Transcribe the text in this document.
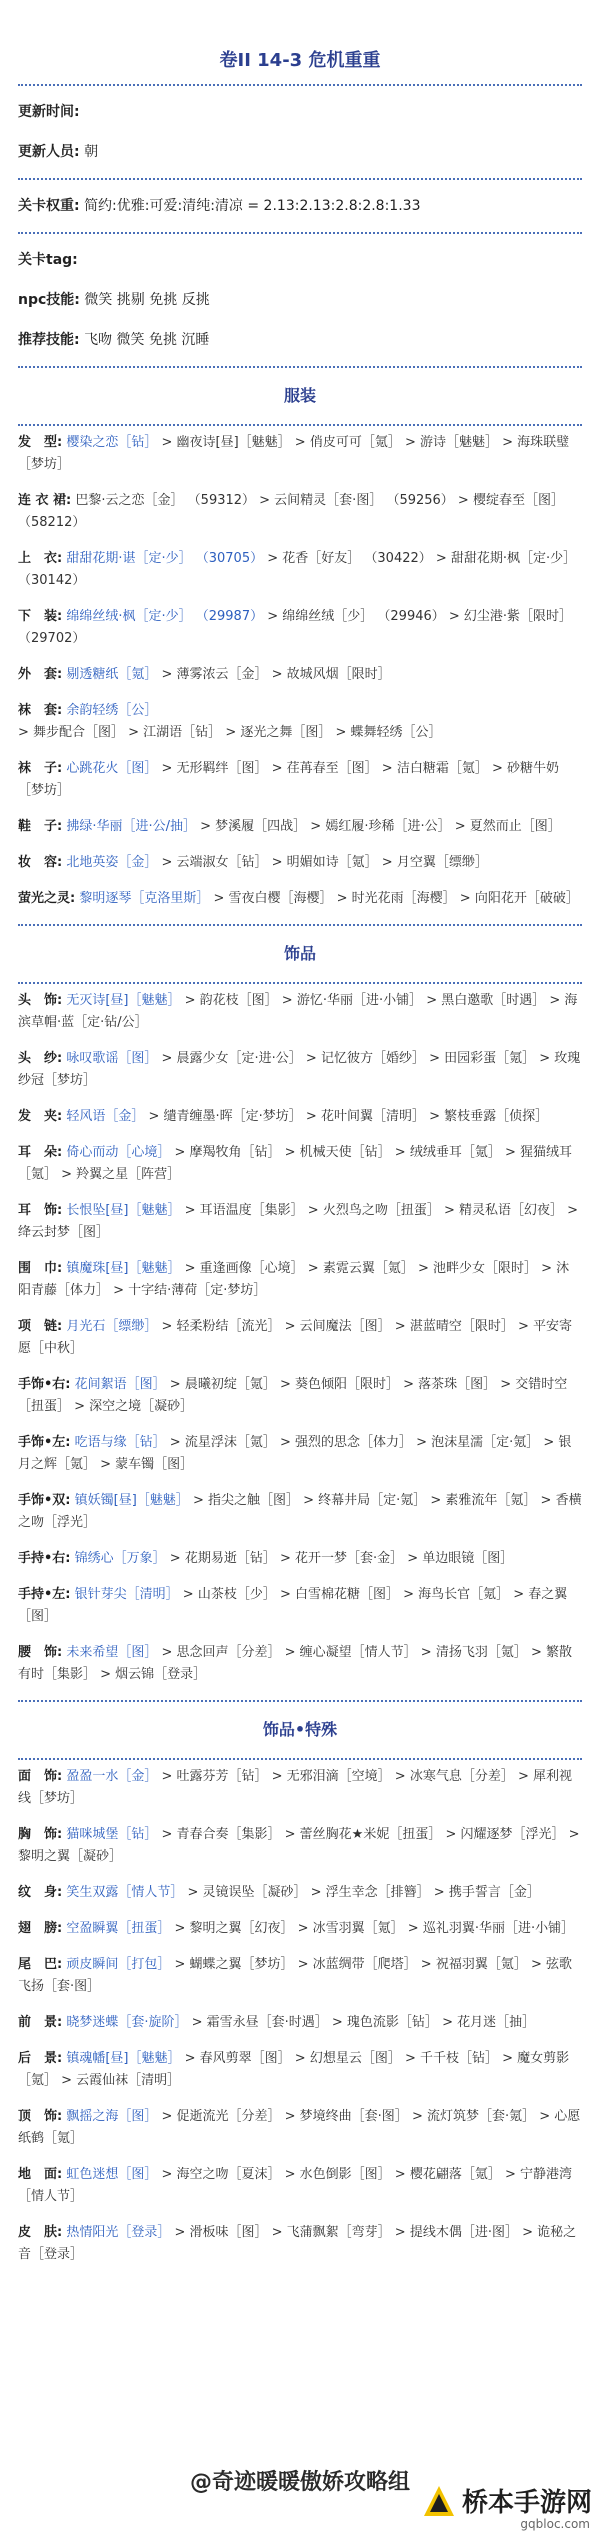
卷II 14-3 危机重重
更新时间:
更新人员: 朝
关卡权重: 简约:优雅:可爱:清纯:清凉 = 2.13:2.13:2.8:2.8:1.33
关卡tag:
npc技能: 微笑 挑剔 免挑 反挑
推荐技能: 飞吻 微笑 免挑 沉睡
服装
发　型: 樱染之恋［钻］ > 幽夜诗[昼]［魅魅］ > 俏皮可可［氪］ > 游诗［魅魅］ > 海珠联璧［梦坊］
连 衣 裙: 巴黎·云之恋［金］ （59312） > 云间精灵［套·图］ （59256） > 樱绽春至［图］ （58212）
上　衣: 甜甜花期·谌［定·少］ （30705） > 花香［好友］ （30422） > 甜甜花期·枫［定·少］ （30142）
下　装: 绵绵丝绒·枫［定·少］ （29987） > 绵绵丝绒［少］ （29946） > 幻尘港·紫［限时］ （29702）
外　套: 剔透糖纸［氪］ > 薄雾浓云［金］ > 故城风烟［限时］
袜　套: 余韵轻绣［公］ > 舞步配合［图］ > 江湖语［钻］ > 逐光之舞［图］ > 蝶舞轻绣［公］
袜　子: 心跳花火［图］ > 无形羁绊［图］ > 荏苒春至［图］ > 洁白糖霜［氪］ > 砂糖牛奶［梦坊］
鞋　子: 拂绿·华丽［进·公/抽］ > 梦溪履［四战］ > 嫣红履·珍稀［进·公］ > 夏然而止［图］
妆　容: 北地英姿［金］ > 云端淑女［钻］ > 明媚如诗［氪］ > 月空翼［缥缈］
萤光之灵: 黎明逐琴［克洛里斯］ > 雪夜白樱［海樱］ > 时光花雨［海樱］ > 向阳花开［破破］
饰品
头　饰: 无灭诗[昼]［魅魅］ > 韵花枝［图］ > 游忆·华丽［进·小铺］ > 黑白邀歌［时遇］ > 海滨草帽·蓝［定·钻/公］
头　纱: 咏叹歌谣［图］ > 晨露少女［定·进·公］ > 记忆彼方［婚纱］ > 田园彩蛋［氪］ > 玫瑰纱冠［梦坊］
发　夹: 轻风语［金］ > 缱青缠墨·晖［定·梦坊］ > 花叶间翼［清明］ > 繁枝垂露［侦探］
耳　朵: 倚心而动［心境］ > 摩羯牧角［钻］ > 机械天使［钻］ > 绒绒垂耳［氪］ > 猩猫绒耳［氪］ > 羚翼之星［阵营］
耳　饰: 长恨坠[昼]［魅魅］ > 耳语温度［集影］ > 火烈鸟之吻［扭蛋］ > 精灵私语［幻夜］ > 绛云封梦［图］
围　巾: 镇魔珠[昼]［魅魅］ > 重逢画像［心境］ > 素霓云翼［氪］ > 池畔少女［限时］ > 沐阳青藤［体力］ > 十字结·薄荷［定·梦坊］
项　链: 月光石［缥缈］ > 轻柔粉结［流光］ > 云间魔法［图］ > 湛蓝晴空［限时］ > 平安寄愿［中秋］
手饰•右: 花间絮语［图］ > 晨曦初绽［氪］ > 葵色倾阳［限时］ > 落茶珠［图］ > 交错时空［扭蛋］ > 深空之境［凝砂］
手饰•左: 吃语与缘［钻］ > 流星浮沫［氪］ > 强烈的思念［体力］ > 泡沫星濡［定·氪］ > 银月之辉［氪］ > 蒙车镯［图］
手饰•双: 镇妖镯[昼]［魅魅］ > 指尖之触［图］ > 终幕井局［定·氪］ > 素雅流年［氪］ > 香横之吻［浮光］
手持•右: 锦绣心［万象］ > 花期易逝［钻］ > 花开一梦［套·金］ > 单边眼镜［图］
手持•左: 银针芽尖［清明］ > 山茶枝［少］ > 白雪棉花糖［图］ > 海鸟长官［氪］ > 春之翼［图］
腰　饰: 未来希望［图］ > 思念回声［分差］ > 缠心凝望［情人节］ > 清扬飞羽［氪］ > 繁散有时［集影］ > 烟云锦［登录］
饰品•特殊
面　饰: 盈盈一水［金］ > 吐露芬芳［钻］ > 无邪泪滴［空境］ > 冰寒气息［分差］ > 犀利视线［梦坊］
胸　饰: 猫咪城堡［钻］ > 青春合奏［集影］ > 蕾丝胸花★米妮［扭蛋］ > 闪耀逐梦［浮光］ > 黎明之翼［凝砂］
纹　身: 笑生双露［情人节］ > 灵镜误坠［凝砂］ > 浮生幸念［排簪］ > 携手誓言［金］
翅　膀: 空盈瞬翼［扭蛋］ > 黎明之翼［幻夜］ > 冰雪羽翼［氪］ > 巡礼羽翼·华丽［进·小铺］
尾　巴: 顽皮瞬间［打包］ > 蝴蝶之翼［梦坊］ > 冰蓝绸带［爬塔］ > 祝福羽翼［氪］ > 弦歌飞扬［套·图］
前　景: 晓梦迷蝶［套·旋阶］ > 霜雪永昼［套·时遇］ > 瑰色流影［钻］ > 花月迷［抽］
后　景: 镇魂幡[昼]［魅魅］ > 春风剪翠［图］ > 幻想星云［图］ > 千千枝［钻］ > 魔女剪影［氪］ > 云霞仙袜［清明］
顶　饰: 飘摇之海［图］ > 促逝流光［分差］ > 梦境终曲［套·图］ > 流灯筑梦［套·氪］ > 心愿纸鹤［氪］
地　面: 虹色迷想［图］ > 海空之吻［夏沫］ > 水色倒影［图］ > 樱花翩落［氪］ > 宁静港湾［情人节］
皮　肤: 热情阳光［登录］ > 滑板味［图］ > 飞蒲飘絮［弯芽］ > 提线木偶［进·图］ > 诡秘之音［登录］
@奇迹暖暖傲娇攻略组
桥本手游网
gqbloc.com
